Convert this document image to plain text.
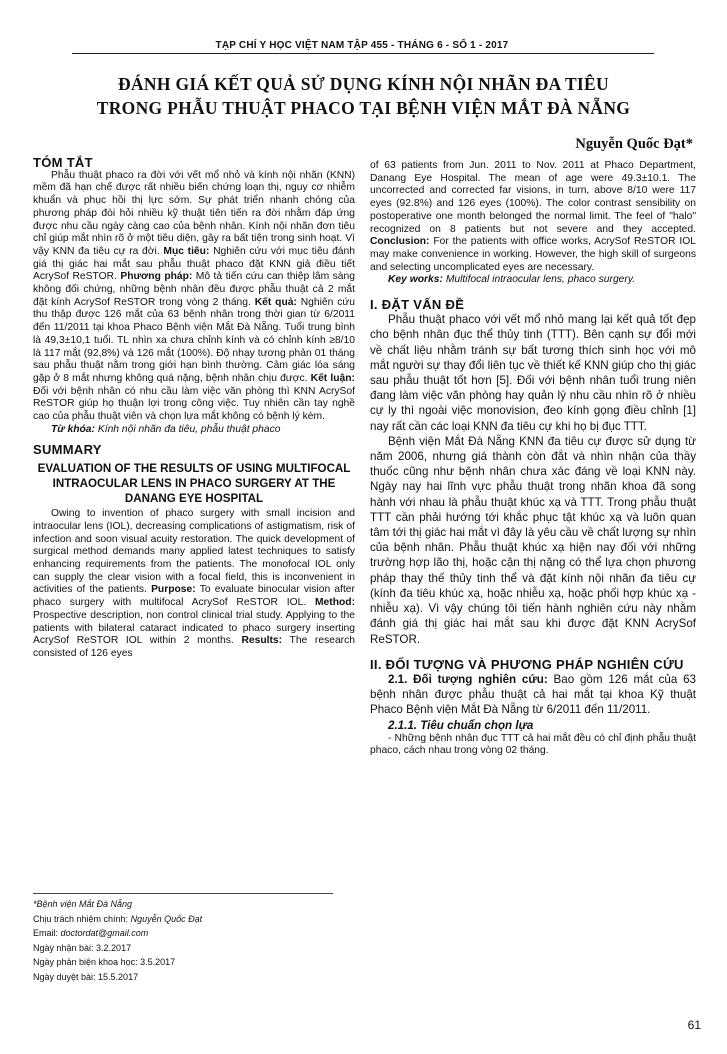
TẠP CHÍ Y HỌC VIỆT NAM TẬP 455 - THÁNG 6 - SỐ 1 - 2017
ĐÁNH GIÁ KẾT QUẢ SỬ DỤNG KÍNH NỘI NHÃN ĐA TIÊU
TRONG PHẪU THUẬT PHACO TẠI BỆNH VIỆN MẮT ĐÀ NẴNG
Nguyễn Quốc Đạt*
TÓM TẮT

Phẫu thuật phaco ra đời với vết mổ nhỏ và kính nội nhãn (KNN) mềm đã hạn chế được rất nhiều biến chứng loạn thị, nguy cơ nhiễm khuẩn và phục hồi thị lực sớm. Sự phát triển nhanh chóng của phương pháp đòi hỏi nhiều kỹ thuật tiên tiến ra đời nhằm đáp ứng được nhu cầu ngày càng cao của bệnh nhân. Kính nội nhãn đơn tiêu chỉ giúp mắt nhìn rõ ở một tiêu diện, gây ra bất tiện trong sinh hoạt. Vì vậy KNN đa tiêu cự ra đời. Mục tiêu: Nghiên cứu với mục tiêu đánh giá thị giác hai mắt sau phẫu thuật phaco đặt KNN giả điều tiết AcrySof ReSTOR. Phương pháp: Mô tả tiến cứu can thiệp lâm sàng không đối chứng, những bệnh nhân đều được phẫu thuật cả 2 mắt đặt kính AcrySof ReSTOR trong vòng 2 tháng. Kết quả: Nghiên cứu thu thập được 126 mắt của 63 bệnh nhân trong thời gian từ 6/2011 đến 11/2011 tại khoa Phaco Bệnh viện Mắt Đà Nẵng. Tuổi trung bình là 49,3±10,1 tuổi. TL nhìn xa chưa chỉnh kính và có chỉnh kính ≥8/10 là 117 mắt (92,8%) và 126 mắt (100%). Độ nhạy tương phản 01 tháng sau phẫu thuật nằm trong giới hạn bình thường. Cảm giác lóa sáng gặp ở 8 mắt nhưng không quá nặng, bệnh nhân chịu được. Kết luận: Đối với bệnh nhân có nhu cầu làm việc văn phòng thì KNN AcrySof ReSTOR giúp họ thuận lợi trong công việc. Tuy nhiên cần tay nghề cao của phẫu thuật viên và chọn lựa mắt không có bệnh lý kèm.

Từ khóa: Kính nội nhãn đa tiêu, phẫu thuật phaco

SUMMARY
EVALUATION OF THE RESULTS OF USING MULTIFOCAL INTRAOCULAR LENS IN PHACO SURGERY AT THE DANANG EYE HOSPITAL

Owing to invention of phaco surgery with small incision and intraocular lens (IOL), decreasing complications of astigmatism, risk of infection and soon visual acuity restoration. The quick development of surgical method demands many applied latest techniques to satisfy enhancing requirements from the patients. The monofocal IOL only can supply the clear vision with a focal field, this is inconvenient in activities of the patients. Purpose: To evaluate binocular vision after phaco surgery with multifocal AcrySof ReSTOR IOL. Method: Prospective description, non control clinical trial study. Applying to the patients with bilateral cataract indicated to phaco surgery inserting AcrySof ReSTOR IOL within 2 months. Results: The research consisted of 126 eyes

*Bệnh viện Mắt Đà Nẵng
Chịu trách nhiệm chính: Nguyễn Quốc Đạt
Email: doctordat@gmail.com
Ngày nhận bài: 3.2.2017
Ngày phản biện khoa học: 3.5.2017
Ngày duyệt bài: 15.5.2017

of 63 patients from Jun. 2011 to Nov. 2011 at Phaco Department, Danang Eye Hospital. The mean of age were 49.3±10.1. The uncorrected and corrected far visions, in turn, above 8/10 were 117 eyes (92.8%) and 126 eyes (100%). The color contrast sensibility on postoperative one month belonged the normal limit. The feel of "halo" recognized on 8 patients but not severe and they accepted. Conclusion: For the patients with office works, AcrySof ReSTOR IOL may make convenience in working. However, the high skill of surgeons and selecting uncomplicated eyes are necessary.

Key works: Multifocal intraocular lens, phaco surgery.

I. ĐẶT VẤN ĐỀ

Phẫu thuật phaco với vết mổ nhỏ mang lại kết quả tốt đẹp cho bệnh nhân đục thể thủy tinh (TTT). Bên cạnh sự đổi mới về chất liệu nhằm tránh sự bất tương thích sinh học với mô mắt người sự thay đổi liên tục về thiết kế KNN giúp cho thị giác sau phẫu thuật tốt hơn [5]. Đối với bệnh nhân tuổi trung niên đang làm việc văn phòng hay quản lý nhu cầu nhìn rõ ở nhiều cự ly thì ngoài việc monovision, đeo kính gọng điều chỉnh [1] nay rất cần các loại KNN đa tiêu cự khi họ bị đục TTT.

Bệnh viện Mắt Đà Nẵng KNN đa tiêu cự được sử dụng từ năm 2006, nhưng giá thành còn đắt và nhìn nhận của thầy thuốc cũng như bệnh nhân chưa xác đáng về loại KNN này. Ngày nay hai lĩnh vực phẫu thuật trong nhãn khoa đã song hành với nhau là phẫu thuật khúc xạ và TTT. Trong phẫu thuật TTT cần phải hướng tới khắc phục tật khúc xạ và luôn quan tâm tới thị giác hai mắt vì đây là yêu cầu về chất lượng sự nhìn của bệnh nhân. Phẫu thuật khúc xạ hiện nay đối với những trường hợp lão thị, hoặc cận thị nặng có thể lựa chọn phương pháp thay thế thủy tinh thể và đặt kính nội nhãn đa tiêu cự (kính đa tiêu khúc xạ, hoặc nhiễu xạ, hoặc phối hợp khúc xạ - nhiễu xạ). Vì vậy chúng tôi tiến hành nghiên cứu này nhằm đánh giá thị giác hai mắt sau khi được đặt KNN AcrySof ReSTOR.

II. ĐỐI TƯỢNG VÀ PHƯƠNG PHÁP NGHIÊN CỨU

2.1. Đối tượng nghiên cứu: Bao gồm 126 mắt của 63 bệnh nhân được phẫu thuật cả hai mắt tại khoa Kỹ thuật Phaco Bệnh viện Mắt Đà Nẵng từ 6/2011 đến 11/2011.

2.1.1. Tiêu chuẩn chọn lựa

- Những bệnh nhân đục TTT cả hai mắt đều có chỉ định phẫu thuật phaco, cách nhau trong vòng 02 tháng.

61
